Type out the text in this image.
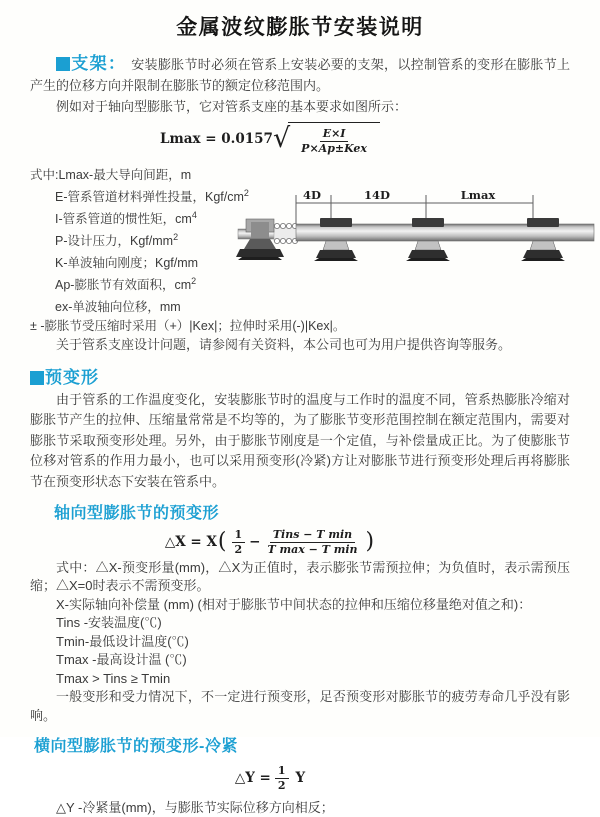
金属波纹膨胀节安装说明
支架： 安装膨胀节时必须在管系上安装必要的支架，以控制管系的变形在膨胀节上产生的位移方向并限制在膨胀节的额定位移范围内。
例如对于轴向型膨胀节，它对管系支座的基本要求如图所示：
Lmax = 0.0157 √ $\frac{E\times I}{\text{P×Ap±Kex}}$
式中:Lmax-最大导向间距，m
E-管系管道材料弹性投量，Kgf/$cm^2$
I-管系管道的惯性矩，$cm^4$
P-设计压力，Kgf/$mm^2$
K-单波轴向刚度；Kgf/mm
Ap-膨胀节有效面积，$cm^2$
ex-单波轴向位移，mm
± -膨胀节受压缩时采用（+）|Kex|；拉伸时采用(-)|Kex|。
4D	14D	Lmax
关于管系支座设计问题，请参阅有关资料，本公司也可为用户提供咨询等服务。
预变形
由于管系的工作温度变化，安装膨胀节时的温度与工作时的温度不同，管系热膨胀冷缩对膨胀节产生的拉伸、压缩量常常是不均等的，为了膨胀节变形范围控制在额定范围内，需要对膨胀节采取预变形处理。另外，由于膨胀节刚度是一个定值，与补偿量成正比。为了使膨胀节位移对管系的作用力最小，也可以采用预变形(冷紧)方让对膨胀节进行预变形处理后再将膨胀节在预变形状态下安装在管系中。
轴向型膨胀节的预变形
△X = X ( $\frac{1}{2} - \frac{\text{Tins − T min}}{\text{T max − T min}}$ )
式中：△X-预变形量(mm)，△X为正值时，表示膨张节需预拉伸；为负值时，表示需预压缩；△X=0时表示不需预变形。
X-实际轴向补偿量 (mm) (相对于膨胀节中间状态的拉伸和压缩位移量绝对值之和)：
Tins -安装温度(℃)
Tmin-最低设计温度(℃)
Tmax -最高设计温 (℃)
Tmax > Tins ≥ Tmin
一般变形和受力情况下，不一定进行预变形，足否预变形对膨胀节的疲劳寿命几乎没有影响。
横向型膨胀节的预变形-冷紧
△Y = $\frac{1}{2}$ Y
△Y -冷紧量(mm)，与膨胀节实际位移方向相反；
